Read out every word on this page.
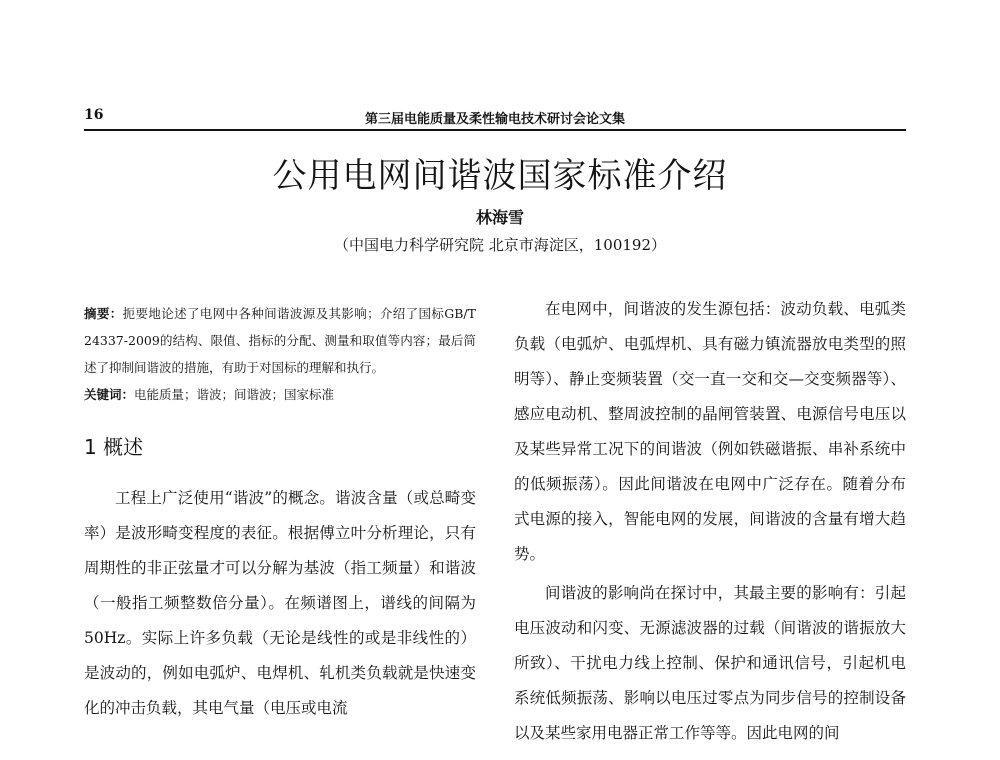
16	第三届电能质量及柔性输电技术研讨会论文集
公用电网间谐波国家标准介绍
林海雪
（中国电力科学研究院 北京市海淀区，100192）
摘要：扼要地论述了电网中各种间谐波源及其影响；介绍了国标GB/T 24337-2009的结构、限值、指标的分配、测量和取值等内容；最后简述了抑制间谐波的措施，有助于对国标的理解和执行。
关键词：电能质量；谐波；间谐波；国家标准
1 概述

工程上广泛使用“谐波”的概念。谐波含量（或总畸变率）是波形畸变程度的表征。根据傅立叶分析理论，只有周期性的非正弦量才可以分解为基波（指工频量）和谐波（一般指工频整数倍分量）。在频谱图上，谱线的间隔为50Hz。实际上许多负载（无论是线性的或是非线性的）是波动的，例如电弧炉、电焊机、轧机类负载就是快速变化的冲击负载，其电气量（电压或电流

在电网中，间谐波的发生源包括：波动负载、电弧类负载（电弧炉、电弧焊机、具有磁力镇流器放电类型的照明等）、静止变频装置（交一直一交和交—交变频器等）、感应电动机、整周波控制的晶闸管装置、电源信号电压以及某些异常工况下的间谐波（例如铁磁谐振、串补系统中的低频振荡）。因此间谐波在电网中广泛存在。随着分布式电源的接入，智能电网的发展，间谐波的含量有增大趋势。

间谐波的影响尚在探讨中，其最主要的影响有：引起电压波动和闪变、无源滤波器的过载（间谐波的谐振放大所致）、干扰电力线上控制、保护和通讯信号，引起机电系统低频振荡、影响以电压过零点为同步信号的控制设备以及某些家用电器正常工作等等。因此电网的间
